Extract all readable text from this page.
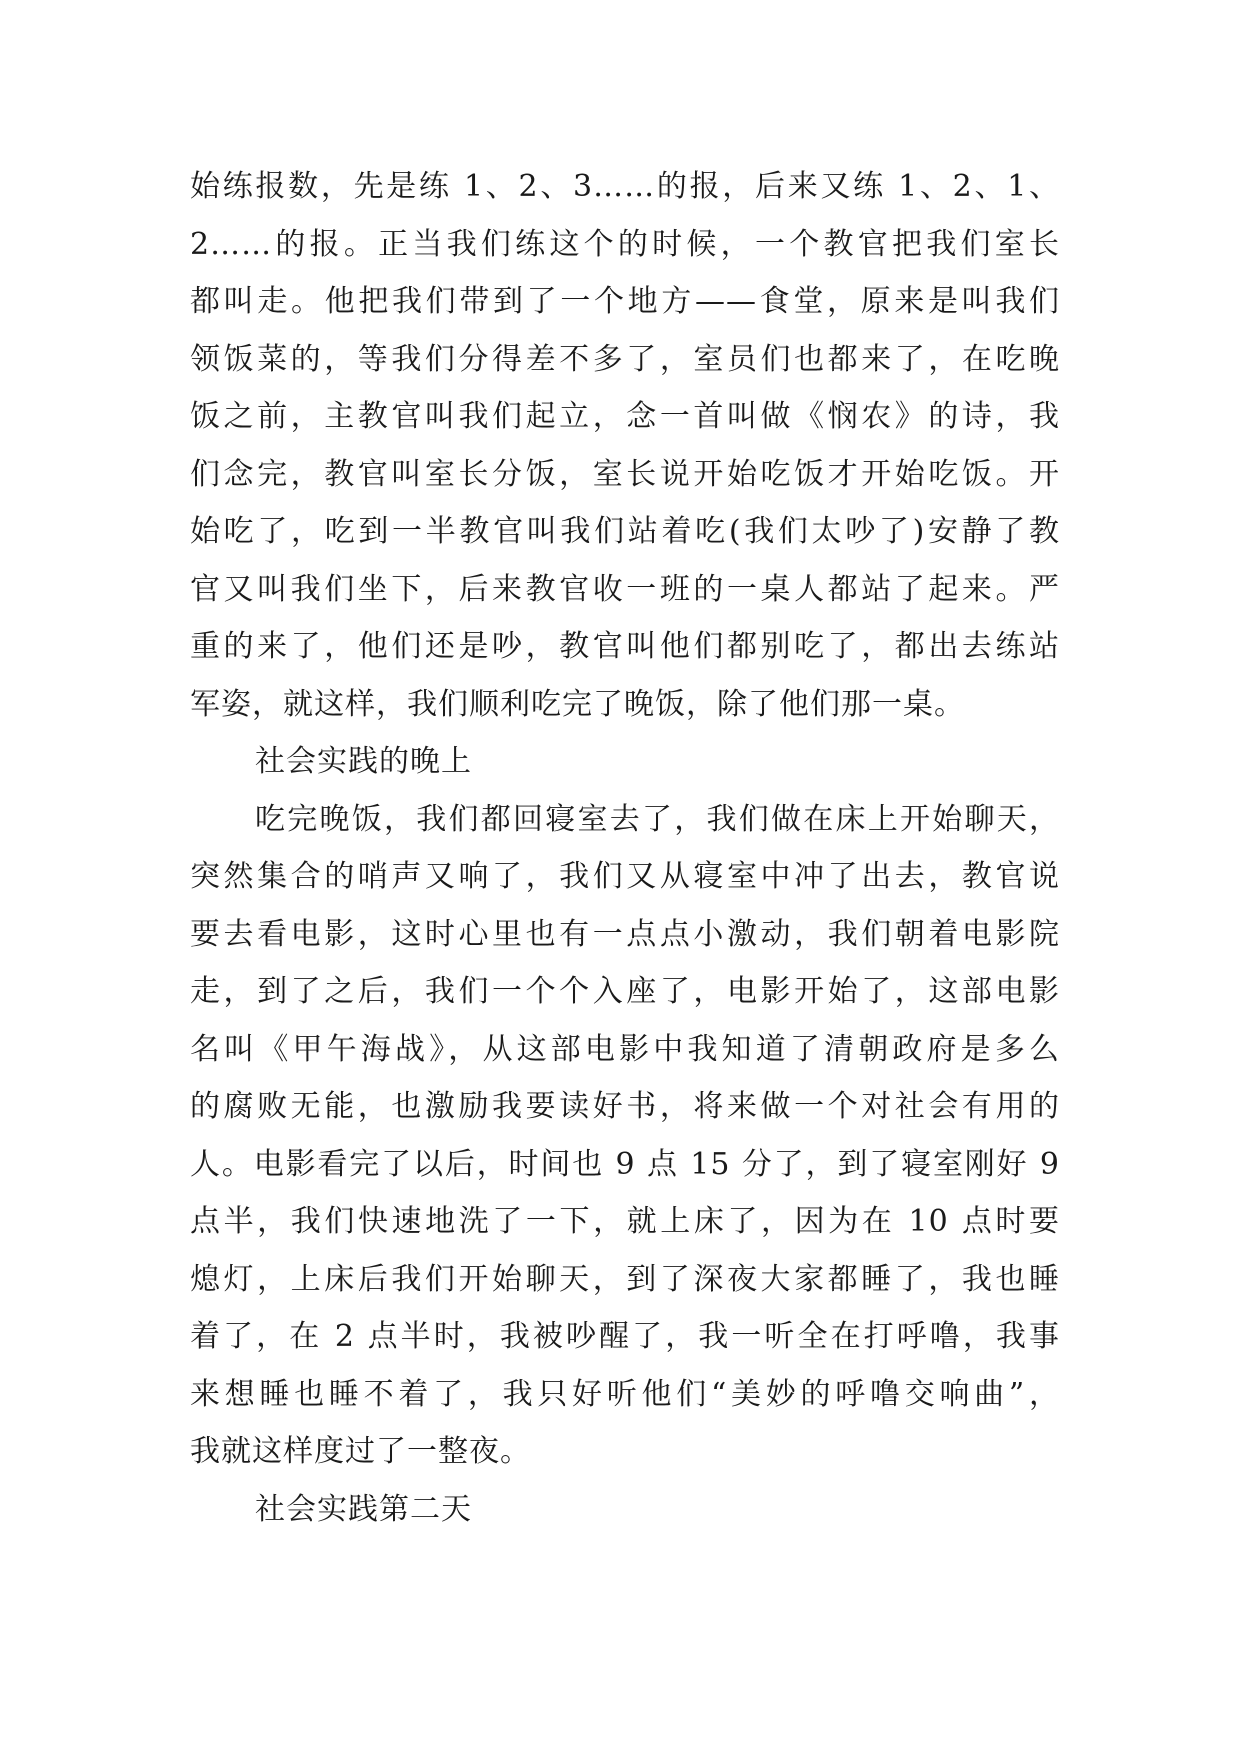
始练报数，先是练 1、2、3……的报，后来又练 1、2、1、
2……的报。正当我们练这个的时候，一个教官把我们室长
都叫走。他把我们带到了一个地方——食堂，原来是叫我们
领饭菜的，等我们分得差不多了，室员们也都来了，在吃晚
饭之前，主教官叫我们起立，念一首叫做《悯农》的诗，我
们念完，教官叫室长分饭，室长说开始吃饭才开始吃饭。开
始吃了，吃到一半教官叫我们站着吃(我们太吵了)安静了教
官又叫我们坐下，后来教官收一班的一桌人都站了起来。严
重的来了，他们还是吵，教官叫他们都别吃了，都出去练站
军姿，就这样，我们顺利吃完了晚饭，除了他们那一桌。
社会实践的晚上
吃完晚饭，我们都回寝室去了，我们做在床上开始聊天，
突然集合的哨声又响了，我们又从寝室中冲了出去，教官说
要去看电影，这时心里也有一点点小激动，我们朝着电影院
走，到了之后，我们一个个入座了，电影开始了，这部电影
名叫《甲午海战》，从这部电影中我知道了清朝政府是多么
的腐败无能，也激励我要读好书，将来做一个对社会有用的
人。电影看完了以后，时间也 9 点 15 分了，到了寝室刚好 9
点半，我们快速地洗了一下，就上床了，因为在 10 点时要
熄灯，上床后我们开始聊天，到了深夜大家都睡了，我也睡
着了，在 2 点半时，我被吵醒了，我一听全在打呼噜，我事
来想睡也睡不着了，我只好听他们“美妙的呼噜交响曲”，
我就这样度过了一整夜。
社会实践第二天
